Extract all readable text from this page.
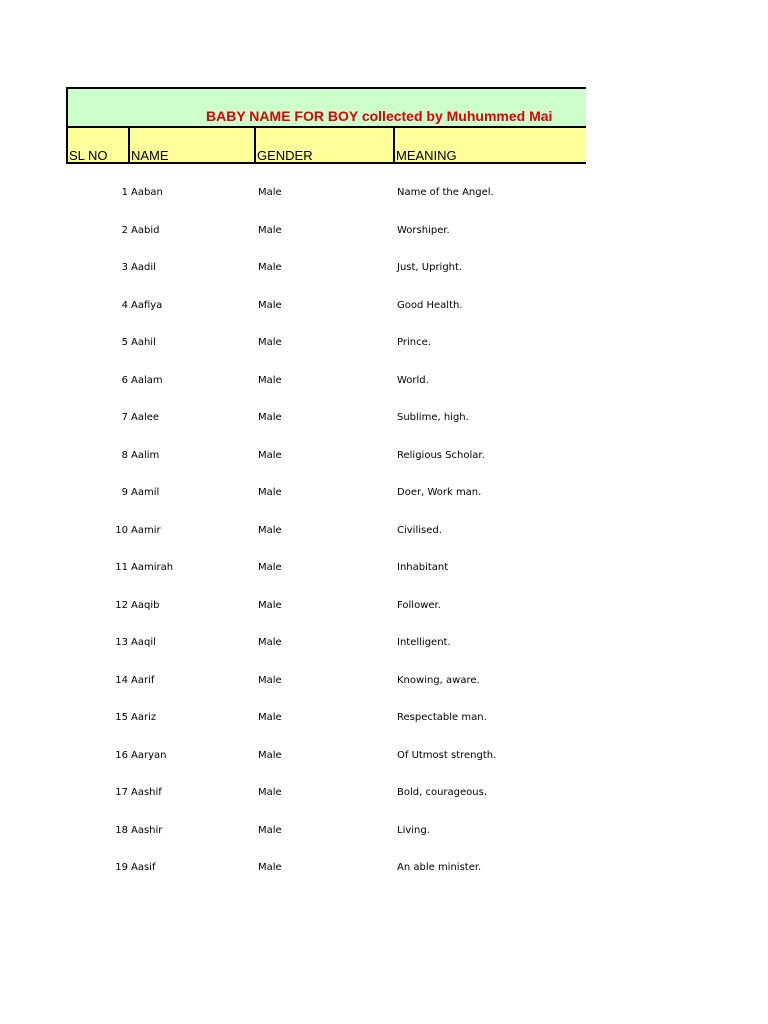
BABY NAME FOR BOY collected by Muhummed Mai
SL NO	NAME	GENDER	MEANING
1 Aaban	Male	Name of the Angel.
2 Aabid	Male	Worshiper.
3 Aadil	Male	Just, Upright.
4 Aafiya	Male	Good Health.
5 Aahil	Male	Prince.
6 Aalam	Male	World.
7 Aalee	Male	Sublime, high.
8 Aalim	Male	Religious Scholar.
9 Aamil	Male	Doer, Work man.
10 Aamir	Male	Civilised.
11 Aamirah	Male	Inhabitant
12 Aaqib	Male	Follower.
13 Aaqil	Male	Intelligent.
14 Aarif	Male	Knowing, aware.
15 Aariz	Male	Respectable man.
16 Aaryan	Male	Of Utmost strength.
17 Aashif	Male	Bold, courageous.
18 Aashir	Male	Living.
19 Aasif	Male	An able minister.
